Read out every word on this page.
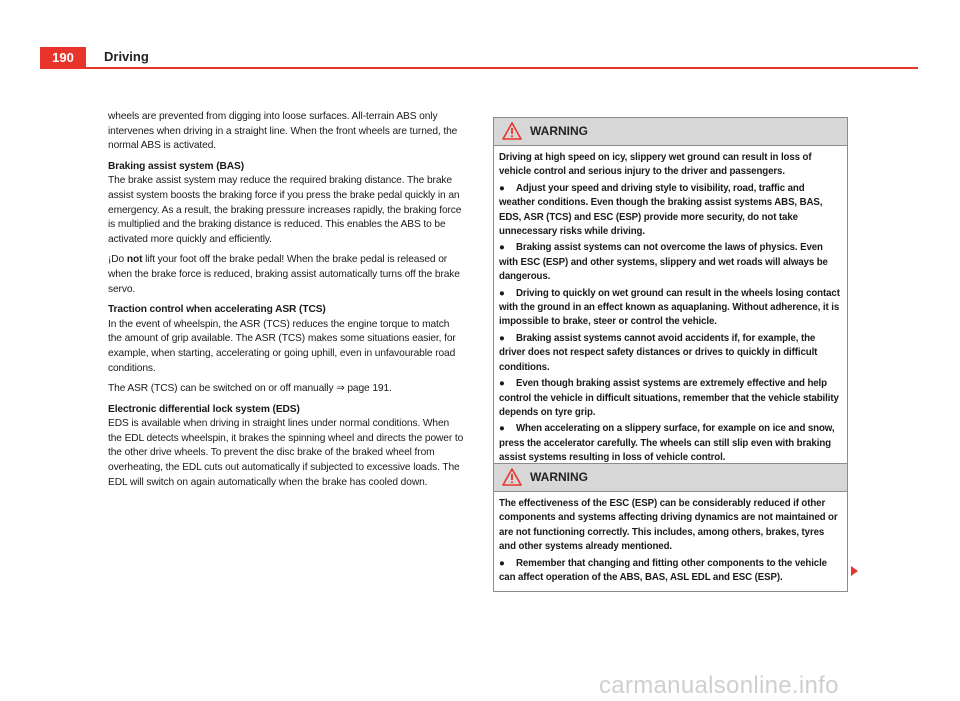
190	Driving

wheels are prevented from digging into loose surfaces. All-terrain ABS only intervenes when driving in a straight line. When the front wheels are turned, the normal ABS is activated.

Braking assist system (BAS)

The brake assist system may reduce the required braking distance. The brake assist system boosts the braking force if you press the brake pedal quickly in an emergency. As a result, the braking pressure increases rapidly, the braking force is multiplied and the braking distance is reduced. This enables the ABS to be activated more quickly and efficiently.

¡Do not lift your foot off the brake pedal! When the brake pedal is released or when the brake force is reduced, braking assist automatically turns off the brake servo.

Traction control when accelerating ASR (TCS)

In the event of wheelspin, the ASR (TCS) reduces the engine torque to match the amount of grip available. The ASR (TCS) makes some situations easier, for example, when starting, accelerating or going uphill, even in unfavourable road conditions.

The ASR (TCS) can be switched on or off manually ⇒ page 191.

Electronic differential lock system (EDS)

EDS is available when driving in straight lines under normal conditions. When the EDL detects wheelspin, it brakes the spinning wheel and directs the power to the other drive wheels. To prevent the disc brake of the braked wheel from overheating, the EDL cuts out automatically if subjected to excessive loads. The EDL will switch on again automatically when the brake has cooled down.

WARNING

Driving at high speed on icy, slippery wet ground can result in loss of vehicle control and serious injury to the driver and passengers.

● Adjust your speed and driving style to visibility, road, traffic and weather conditions. Even though the braking assist systems ABS, BAS, EDS, ASR (TCS) and ESC (ESP) provide more security, do not take unnecessary risks while driving.

● Braking assist systems can not overcome the laws of physics. Even with ESC (ESP) and other systems, slippery and wet roads will always be dangerous.

● Driving to quickly on wet ground can result in the wheels losing contact with the ground in an effect known as aquaplaning. Without adherence, it is impossible to brake, steer or control the vehicle.

● Braking assist systems cannot avoid accidents if, for example, the driver does not respect safety distances or drives to quickly in difficult conditions.

● Even though braking assist systems are extremely effective and help control the vehicle in difficult situations, remember that the vehicle stability depends on tyre grip.

● When accelerating on a slippery surface, for example on ice and snow, press the accelerator carefully. The wheels can still slip even with braking assist systems resulting in loss of vehicle control.

WARNING

The effectiveness of the ESC (ESP) can be considerably reduced if other components and systems affecting driving dynamics are not maintained or are not functioning correctly. This includes, among others, brakes, tyres and other systems already mentioned.

● Remember that changing and fitting other components to the vehicle can affect operation of the ABS, BAS, ASL EDL and ESC (ESP).

carmanualsonline.info
